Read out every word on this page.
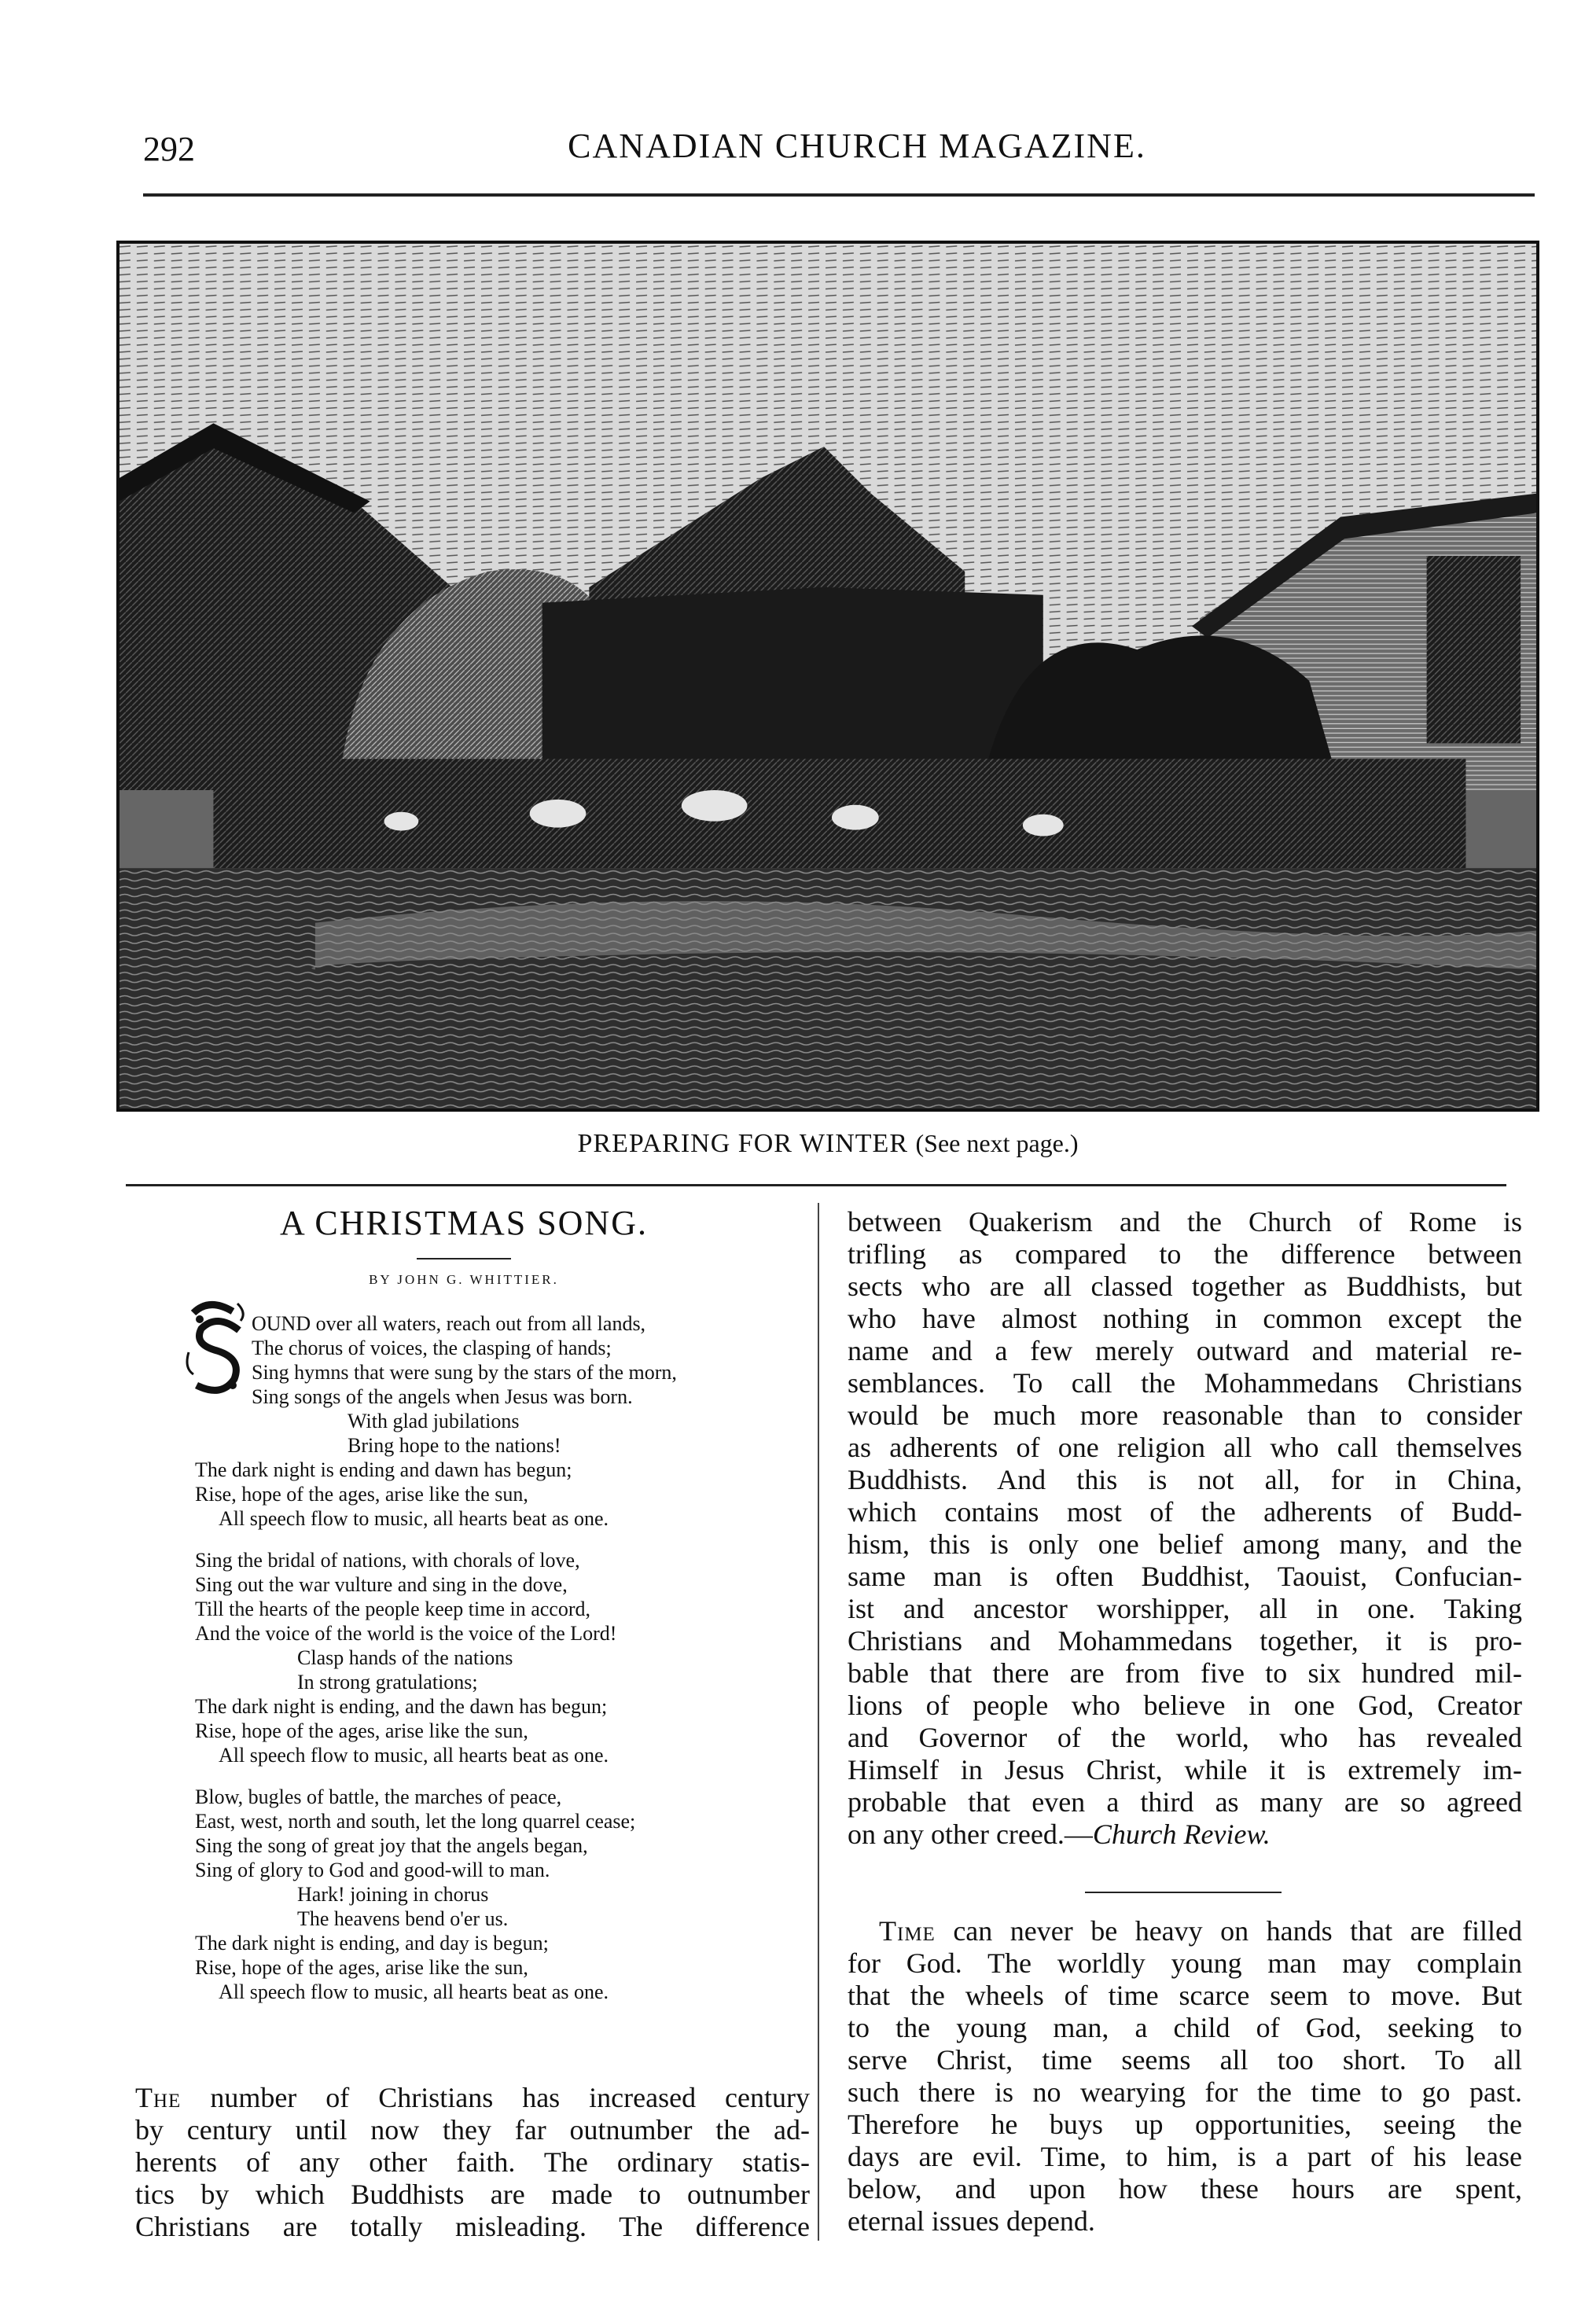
292	CANADIAN CHURCH MAGAZINE.
PREPARING FOR WINTER (See next page.)
A CHRISTMAS SONG.
BY JOHN G. WHITTIER.
OUND over all waters, reach out from all lands,
The chorus of voices, the clasping of hands;
Sing hymns that were sung by the stars of the morn,
Sing songs of the angels when Jesus was born.
With glad jubilations
Bring hope to the nations!
The dark night is ending and dawn has begun;
Rise, hope of the ages, arise like the sun,
All speech flow to music, all hearts beat as one.
Sing the bridal of nations, with chorals of love,
Sing out the war vulture and sing in the dove,
Till the hearts of the people keep time in accord,
And the voice of the world is the voice of the Lord!
Clasp hands of the nations
In strong gratulations;
The dark night is ending, and the dawn has begun;
Rise, hope of the ages, arise like the sun,
All speech flow to music, all hearts beat as one.
Blow, bugles of battle, the marches of peace,
East, west, north and south, let the long quarrel cease;
Sing the song of great joy that the angels began,
Sing of glory to God and good-will to man.
Hark! joining in chorus
The heavens bend o'er us.
The dark night is ending, and day is begun;
Rise, hope of the ages, arise like the sun,
All speech flow to music, all hearts beat as one.
The number of Christians has increased century
by century until now they far outnumber the ad-
herents of any other faith. The ordinary statis-
tics by which Buddhists are made to outnumber
Christians are totally misleading. The difference
between Quakerism and the Church of Rome is
trifling as compared to the difference between
sects who are all classed together as Buddhists, but
who have almost nothing in common except the
name and a few merely outward and material re-
semblances. To call the Mohammedans Christians
would be much more reasonable than to consider
as adherents of one religion all who call themselves
Buddhists. And this is not all, for in China,
which contains most of the adherents of Budd-
hism, this is only one belief among many, and the
same man is often Buddhist, Taouist, Confucian-
ist and ancestor worshipper, all in one. Taking
Christians and Mohammedans together, it is pro-
bable that there are from five to six hundred mil-
lions of people who believe in one God, Creator
and Governor of the world, who has revealed
Himself in Jesus Christ, while it is extremely im-
probable that even a third as many are so agreed
on any other creed.—Church Review.
Time can never be heavy on hands that are filled
for God. The worldly young man may complain
that the wheels of time scarce seem to move. But
to the young man, a child of God, seeking to
serve Christ, time seems all too short. To all
such there is no wearying for the time to go past.
Therefore he buys up opportunities, seeing the
days are evil. Time, to him, is a part of his lease
below, and upon how these hours are spent,
eternal issues depend.
